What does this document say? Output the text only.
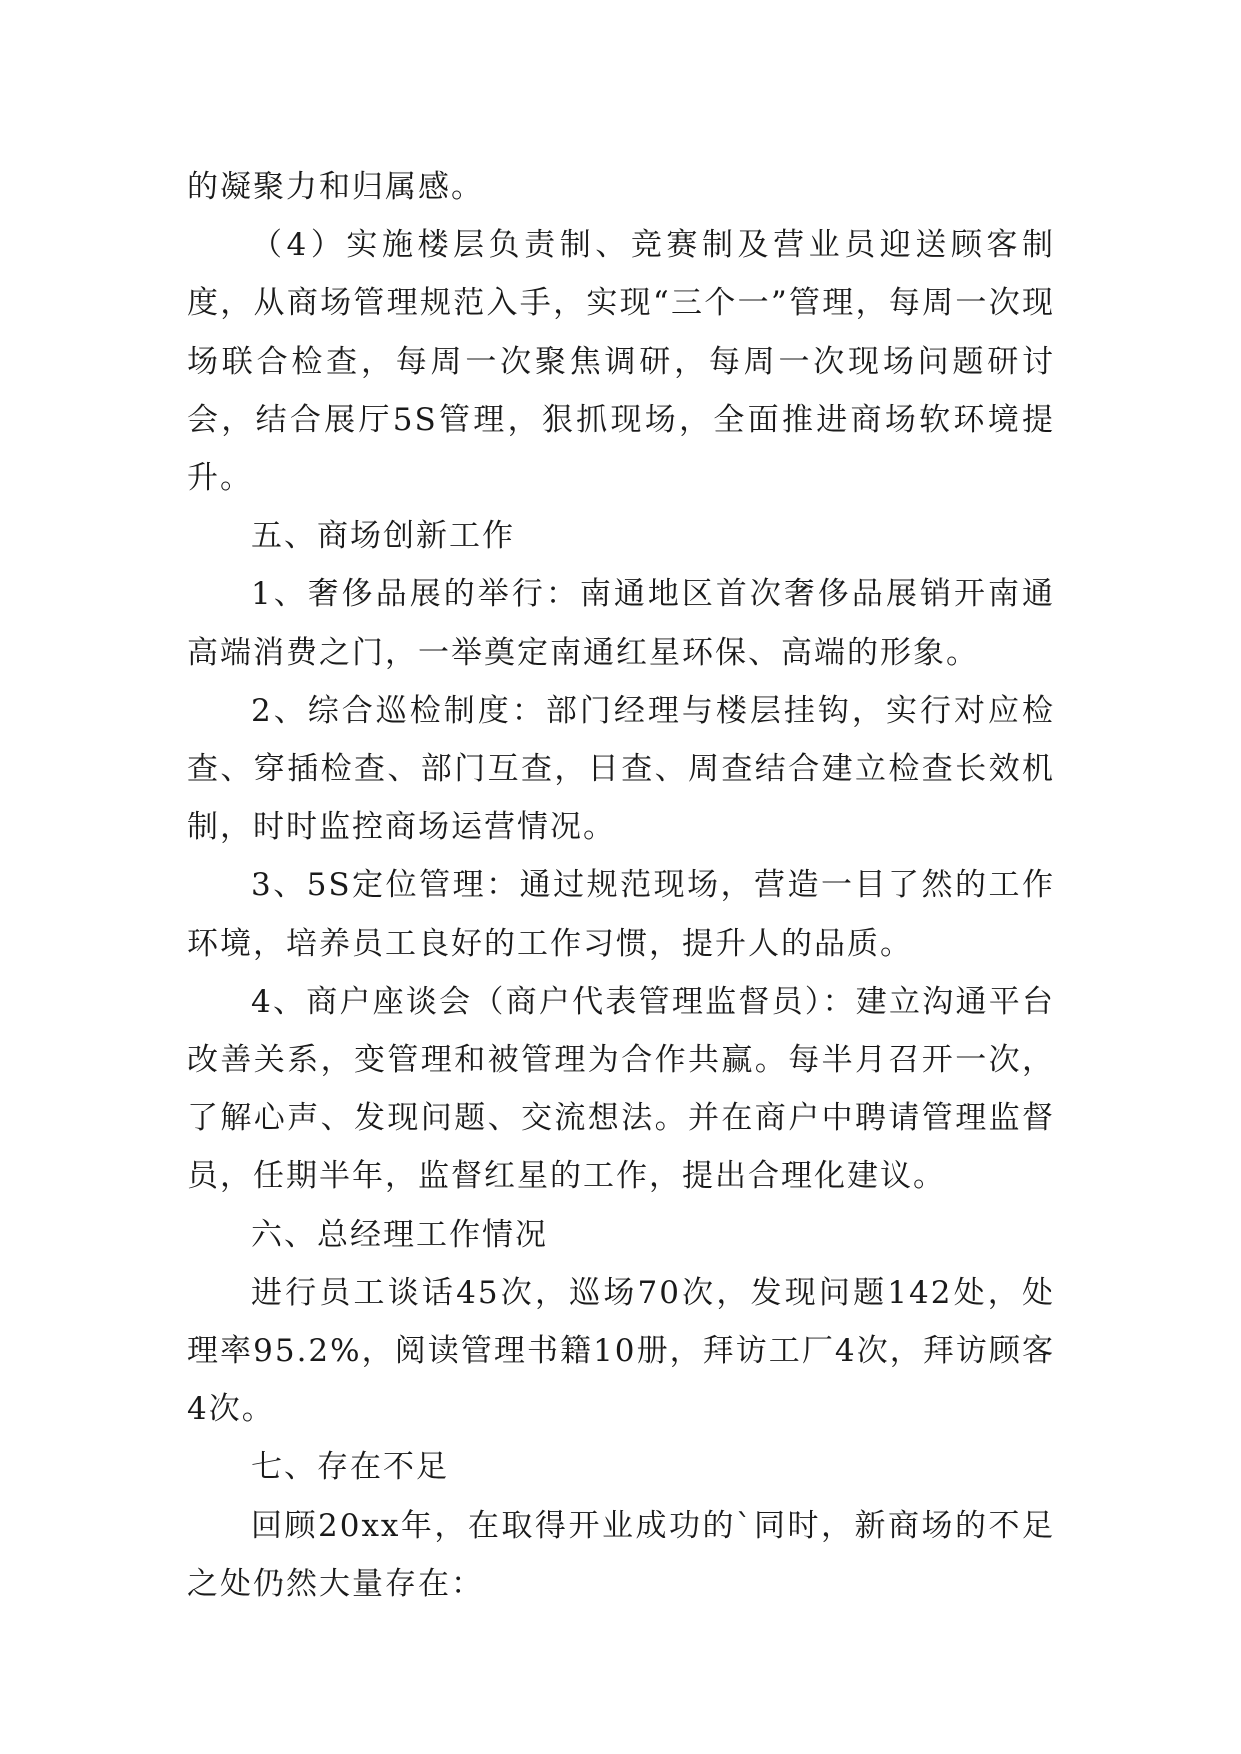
的凝聚力和归属感。

（4）实施楼层负责制、竞赛制及营业员迎送顾客制度，从商场管理规范入手，实现“三个一”管理，每周一次现场联合检查，每周一次聚焦调研，每周一次现场问题研讨会，结合展厅5S管理，狠抓现场，全面推进商场软环境提升。

五、商场创新工作

1、奢侈品展的举行：南通地区首次奢侈品展销开南通高端消费之门，一举奠定南通红星环保、高端的形象。

2、综合巡检制度：部门经理与楼层挂钩，实行对应检查、穿插检查、部门互查，日查、周查结合建立检查长效机制，时时监控商场运营情况。

3、5S定位管理：通过规范现场，营造一目了然的工作环境，培养员工良好的工作习惯，提升人的品质。

4、商户座谈会（商户代表管理监督员）：建立沟通平台改善关系，变管理和被管理为合作共赢。每半月召开一次，了解心声、发现问题、交流想法。并在商户中聘请管理监督员，任期半年，监督红星的工作，提出合理化建议。

六、总经理工作情况

进行员工谈话45次，巡场70次，发现问题142处，处理率95.2%，阅读管理书籍10册，拜访工厂4次，拜访顾客4次。

七、存在不足

回顾20xx年，在取得开业成功的`同时，新商场的不足之处仍然大量存在：
